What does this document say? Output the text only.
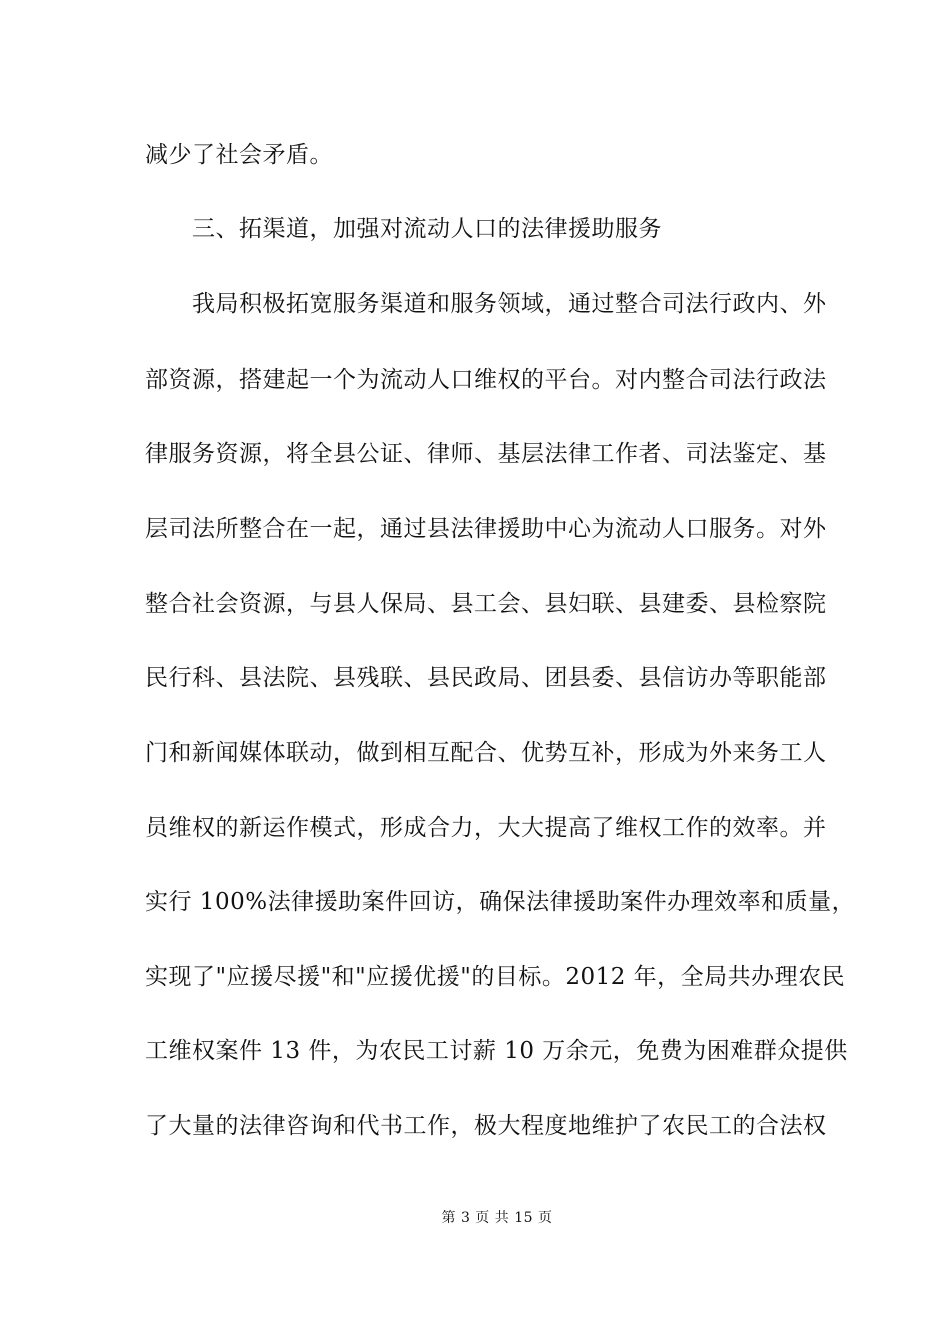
减少了社会矛盾。
三、拓渠道，加强对流动人口的法律援助服务
我局积极拓宽服务渠道和服务领域，通过整合司法行政内、外
部资源，搭建起一个为流动人口维权的平台。对内整合司法行政法
律服务资源，将全县公证、律师、基层法律工作者、司法鉴定、基
层司法所整合在一起，通过县法律援助中心为流动人口服务。对外
整合社会资源，与县人保局、县工会、县妇联、县建委、县检察院
民行科、县法院、县残联、县民政局、团县委、县信访办等职能部
门和新闻媒体联动，做到相互配合、优势互补，形成为外来务工人
员维权的新运作模式，形成合力，大大提高了维权工作的效率。并
实行 100%法律援助案件回访，确保法律援助案件办理效率和质量，
实现了"应援尽援"和"应援优援"的目标。2012 年，全局共办理农民
工维权案件 13 件，为农民工讨薪 10 万余元，免费为困难群众提供
了大量的法律咨询和代书工作，极大程度地维护了农民工的合法权
第 3 页 共 15 页
